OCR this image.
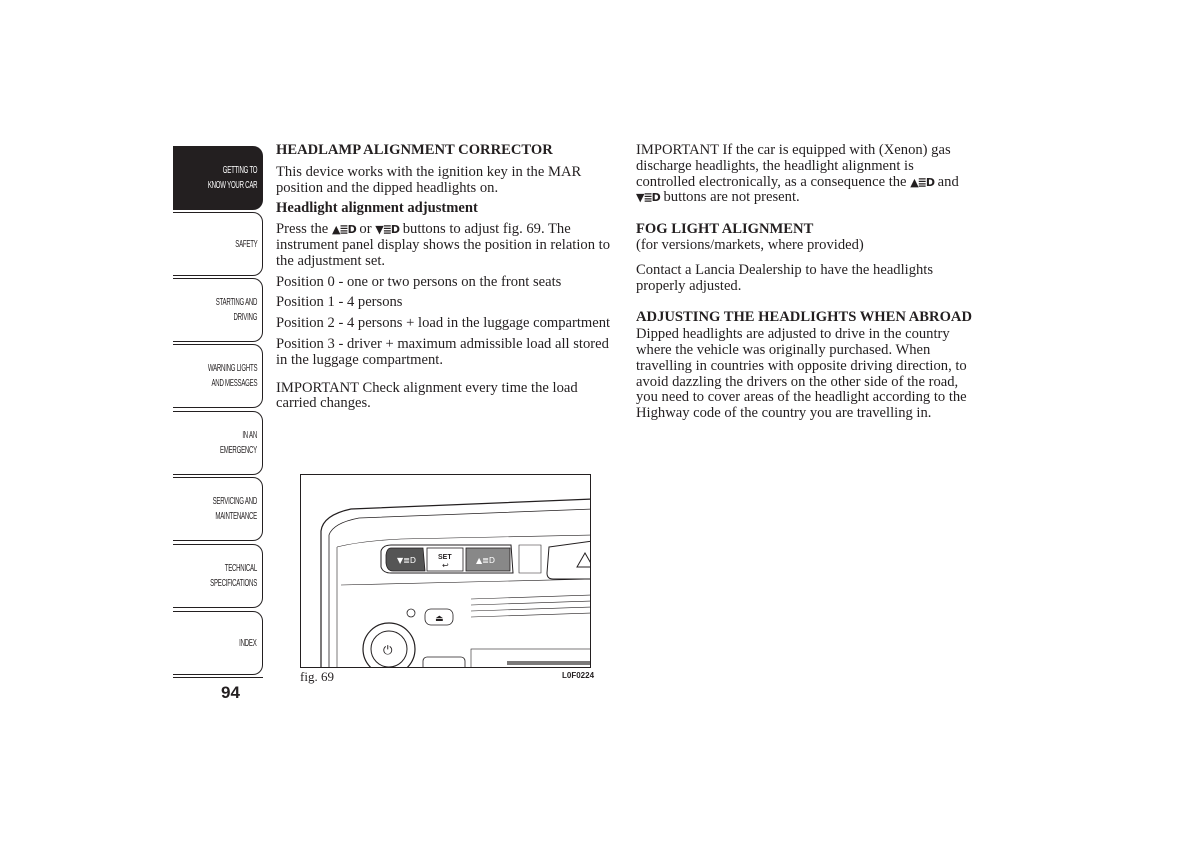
GETTING TO
KNOW YOUR CAR
SAFETY
STARTING AND
DRIVING
WARNING LIGHTS
AND MESSAGES
IN AN EMERGENCY
SERVICING AND
MAINTENANCE
TECHNICAL
SPECIFICATIONS
INDEX
94

HEADLAMP ALIGNMENT CORRECTOR

This device works with the ignition key in the MAR position and the dipped headlights on.

Headlight alignment adjustment

Press the ▲≣D or ▼≣D buttons to adjust fig. 69. The instrument panel display shows the position in relation to the adjustment set.

Position 0 - one or two persons on the front seats

Position 1 - 4 persons

Position 2 - 4 persons + load in the luggage compartment

Position 3 - driver + maximum admissible load all stored in the luggage compartment.

IMPORTANT Check alignment every time the load carried changes.

IMPORTANT If the car is equipped with (Xenon) gas discharge headlights, the headlight alignment is controlled electronically, as a consequence the ▲≣D and ▼≣D buttons are not present.

FOG LIGHT ALIGNMENT

(for versions/markets, where provided)

Contact a Lancia Dealership to have the headlights properly adjusted.

ADJUSTING THE HEADLIGHTS WHEN ABROAD

Dipped headlights are adjusted to drive in the country where the vehicle was originally purchased. When travelling in countries with opposite driving direction, to avoid dazzling the drivers on the other side of the road, you need to cover areas of the headlight according to the Highway code of the country you are travelling in.

▼≣D	SET
↩
▲≣D
⏏
⏻
fig. 69	L0F0224
